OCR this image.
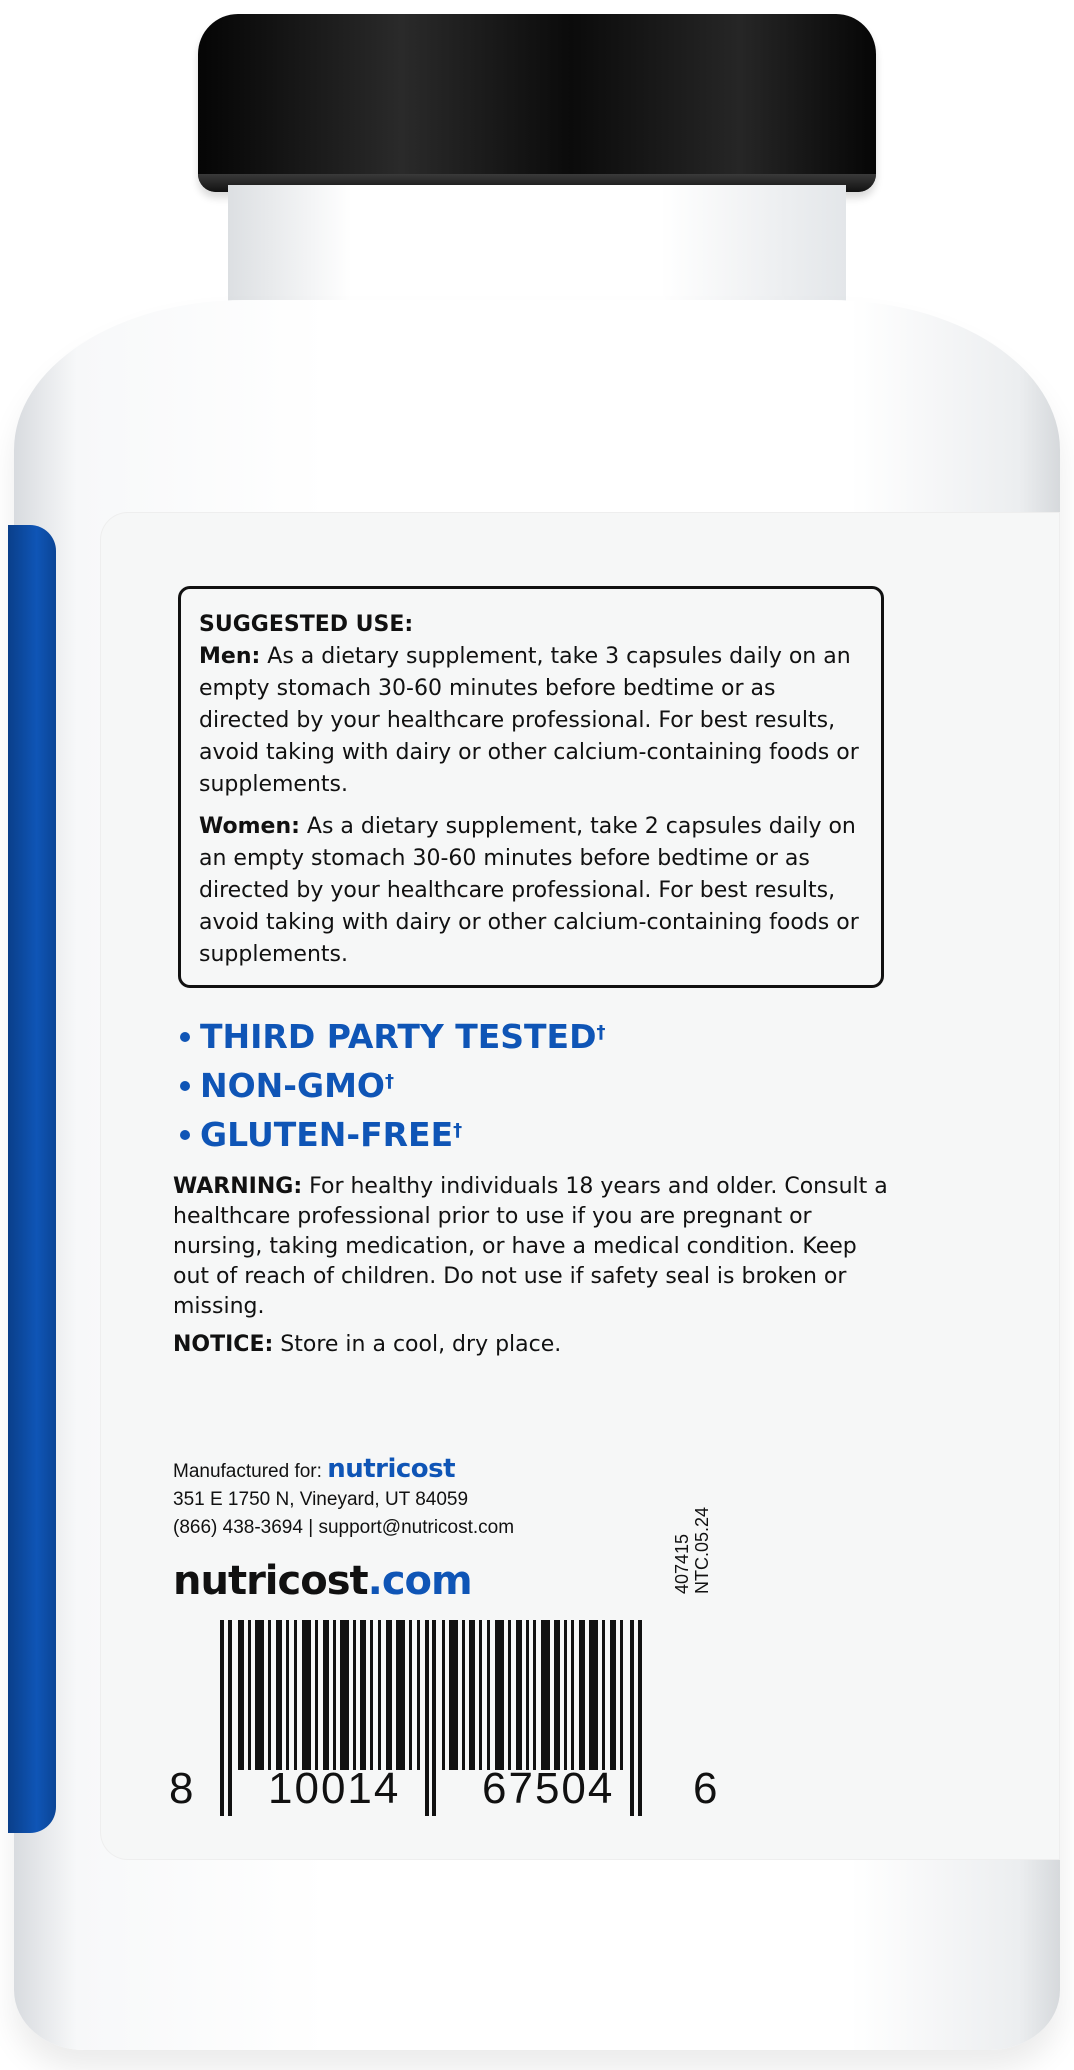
SUGGESTED USE:

Men: As a dietary supplement, take 3 capsules daily on an empty stomach 30-60 minutes before bedtime or as directed by your healthcare professional. For best results, avoid taking with dairy or other calcium-containing foods or supplements.

Women: As a dietary supplement, take 2 capsules daily on an empty stomach 30-60 minutes before bedtime or as directed by your healthcare professional. For best results, avoid taking with dairy or other calcium-containing foods or supplements.

THIRD PARTY TESTED †
NON-GMO †
GLUTEN-FREE †
WARNING: For healthy individuals 18 years and older. Consult a healthcare professional prior to use if you are pregnant or nursing, taking medication, or have a medical condition. Keep out of reach of children. Do not use if safety seal is broken or missing.
NOTICE: Store in a cool, dry place.
Manufactured for: nutricost
351 E 1750 N, Vineyard, UT 84059
(866) 438-3694 | support@nutricost.com
nutricost.com	407415 NTC.05.24
8 10014 67504 6
